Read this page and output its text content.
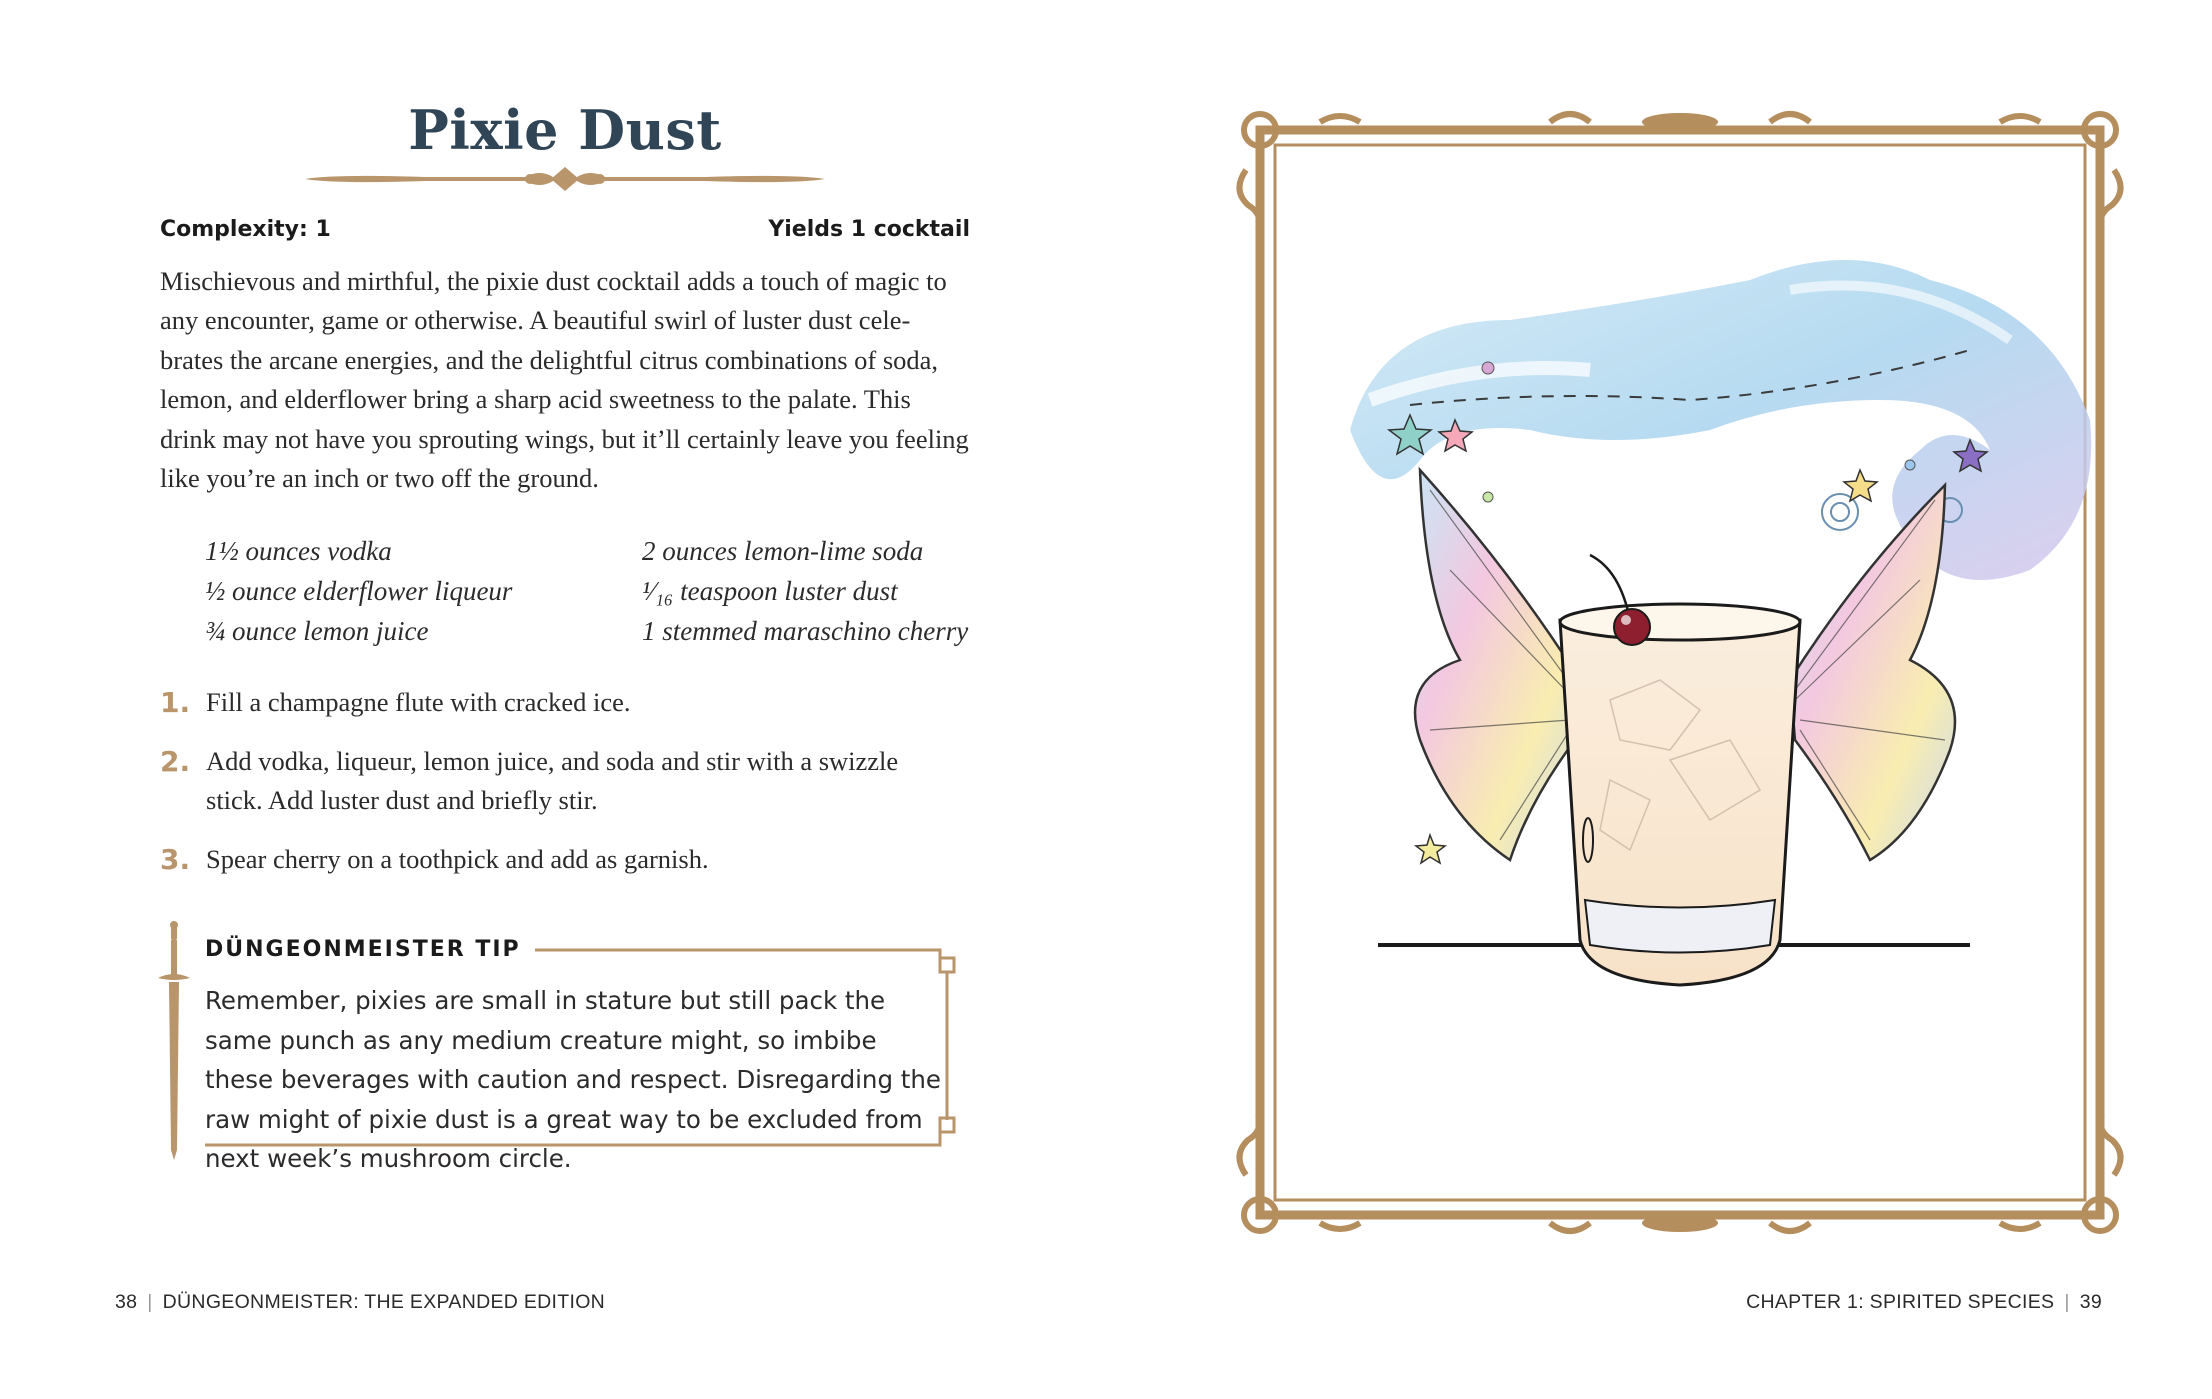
Pixie Dust
Complexity: 1	Yields 1 cocktail

Mischievous and mirthful, the pixie dust cocktail adds a touch of magic to any encounter, game or otherwise. A beautiful swirl of luster dust cele-brates the arcane energies, and the delightful citrus combinations of soda, lemon, and elderflower bring a sharp acid sweetness to the palate. This drink may not have you sprouting wings, but it’ll certainly leave you feeling like you’re an inch or two off the ground.

1½ ounces vodka	2 ounces lemon-lime soda
½ ounce elderflower liqueur	¹⁄₁₆ teaspoon luster dust
¾ ounce lemon juice	1 stemmed maraschino cherry
1. Fill a champagne flute with cracked ice.
2. Add vodka, liqueur, lemon juice, and soda and stir with a swizzle stick. Add luster dust and briefly stir.
3. Spear cherry on a toothpick and add as garnish.
DÜNGEONMEISTER TIP

Remember, pixies are small in stature but still pack the same punch as any medium creature might, so imbibe these beverages with caution and respect. Disregarding the raw might of pixie dust is a great way to be excluded from next week’s mushroom circle.

38 | DÜNGEONMEISTER: THE EXPANDED EDITION	CHAPTER 1: SPIRITED SPECIES | 39
